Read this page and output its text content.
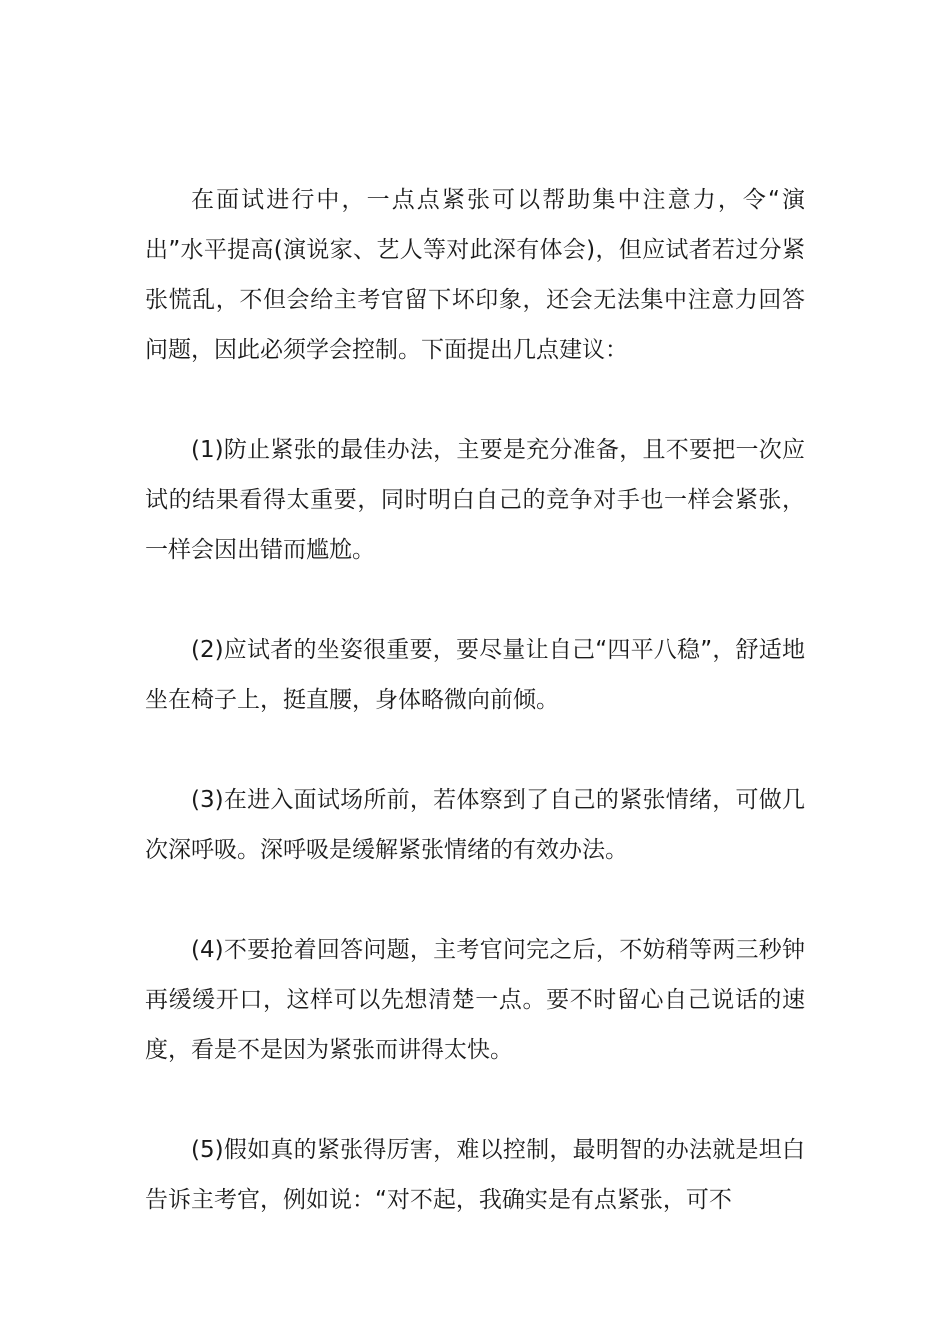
在面试进行中，一点点紧张可以帮助集中注意力，令“演出”水平提高(演说家、艺人等对此深有体会)，但应试者若过分紧张慌乱，不但会给主考官留下坏印象，还会无法集中注意力回答问题，因此必须学会控制。下面提出几点建议：

(1)防止紧张的最佳办法，主要是充分准备，且不要把一次应试的结果看得太重要，同时明白自己的竞争对手也一样会紧张，一样会因出错而尴尬。

(2)应试者的坐姿很重要，要尽量让自己“四平八稳”，舒适地坐在椅子上，挺直腰，身体略微向前倾。

(3)在进入面试场所前，若体察到了自己的紧张情绪，可做几次深呼吸。深呼吸是缓解紧张情绪的有效办法。

(4)不要抢着回答问题，主考官问完之后，不妨稍等两三秒钟再缓缓开口，这样可以先想清楚一点。要不时留心自己说话的速度，看是不是因为紧张而讲得太快。

(5)假如真的紧张得厉害，难以控制，最明智的办法就是坦白告诉主考官，例如说：“对不起，我确实是有点紧张，可不
